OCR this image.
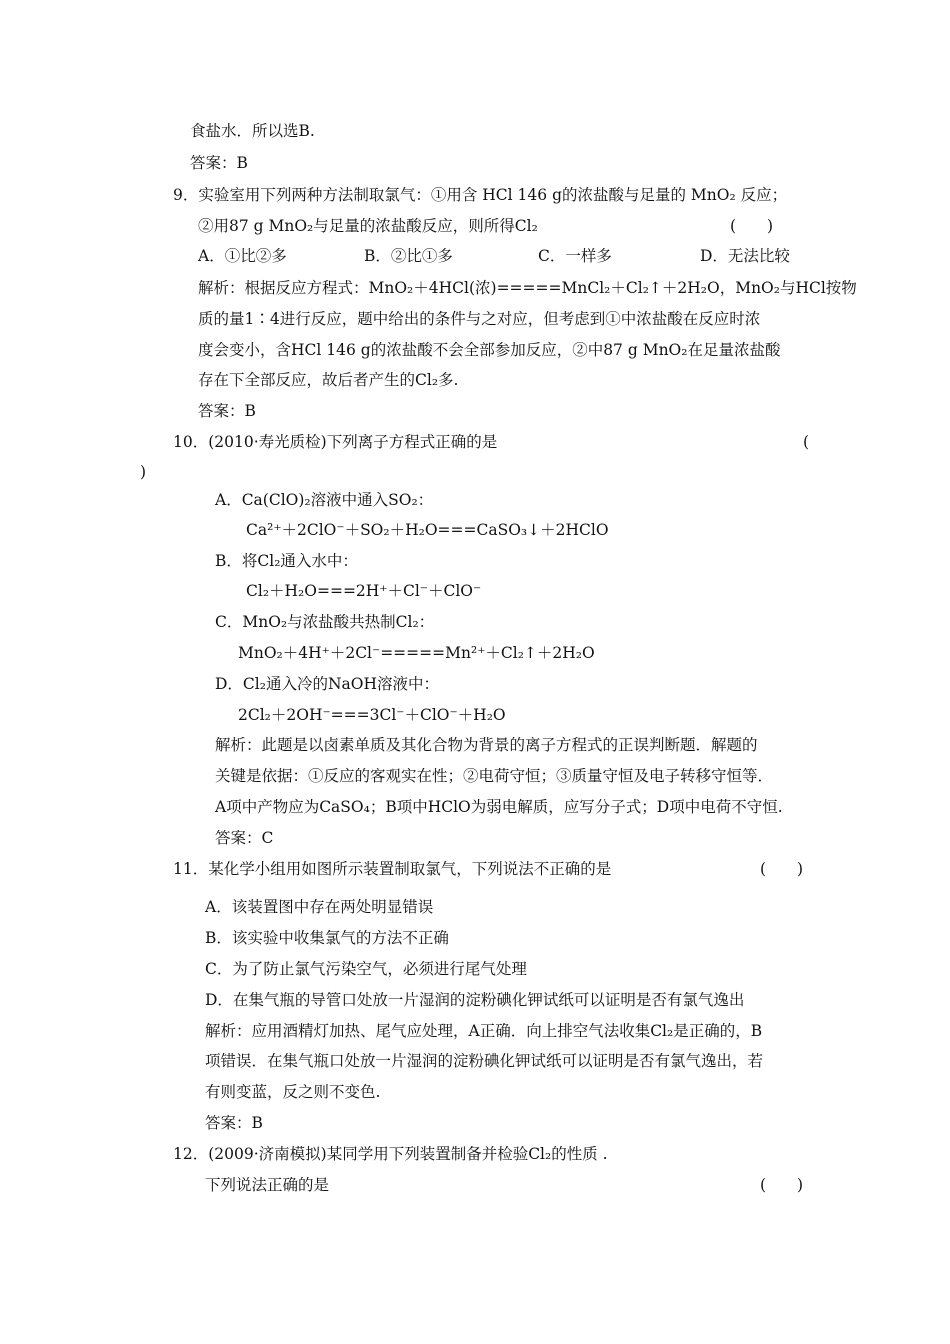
食盐水．所以选B.
答案：B
9．实验室用下列两种方法制取氯气：①用含 HCl 146 g的浓盐酸与足量的 MnO₂ 反应；
②用87 g MnO₂与足量的浓盐酸反应，则所得Cl₂	(　　)
A．①比②多	B．②比①多	C．一样多	D．无法比较
解析：根据反应方程式：MnO₂＋4HCl(浓)=====MnCl₂＋Cl₂↑＋2H₂O，MnO₂与HCl按物
质的量1∶4进行反应，题中给出的条件与之对应，但考虑到①中浓盐酸在反应时浓
度会变小，含HCl 146 g的浓盐酸不会全部参加反应，②中87 g MnO₂在足量浓盐酸
存在下全部反应，故后者产生的Cl₂多.
答案：B
10．(2010·寿光质检)下列离子方程式正确的是	(
)
A．Ca(ClO)₂溶液中通入SO₂：
Ca²⁺＋2ClO⁻＋SO₂＋H₂O===CaSO₃↓＋2HClO
B．将Cl₂通入水中：
Cl₂＋H₂O===2H⁺＋Cl⁻＋ClO⁻
C．MnO₂与浓盐酸共热制Cl₂：
MnO₂＋4H⁺＋2Cl⁻=====Mn²⁺＋Cl₂↑＋2H₂O
D．Cl₂通入冷的NaOH溶液中：
2Cl₂＋2OH⁻===3Cl⁻＋ClO⁻＋H₂O
解析：此题是以卤素单质及其化合物为背景的离子方程式的正误判断题．解题的
关键是依据：①反应的客观实在性；②电荷守恒；③质量守恒及电子转移守恒等．
A项中产物应为CaSO₄；B项中HClO为弱电解质，应写分子式；D项中电荷不守恒.
答案：C
11．某化学小组用如图所示装置制取氯气，下列说法不正确的是	(　　)
A．该装置图中存在两处明显错误
B．该实验中收集氯气的方法不正确
C．为了防止氯气污染空气，必须进行尾气处理
D．在集气瓶的导管口处放一片湿润的淀粉碘化钾试纸可以证明是否有氯气逸出
解析：应用酒精灯加热、尾气应处理，A正确．向上排空气法收集Cl₂是正确的，B
项错误．在集气瓶口处放一片湿润的淀粉碘化钾试纸可以证明是否有氯气逸出，若
有则变蓝，反之则不变色.
答案：B
12．(2009·济南模拟)某同学用下列装置制备并检验Cl₂的性质 .
下列说法正确的是	(　　)
